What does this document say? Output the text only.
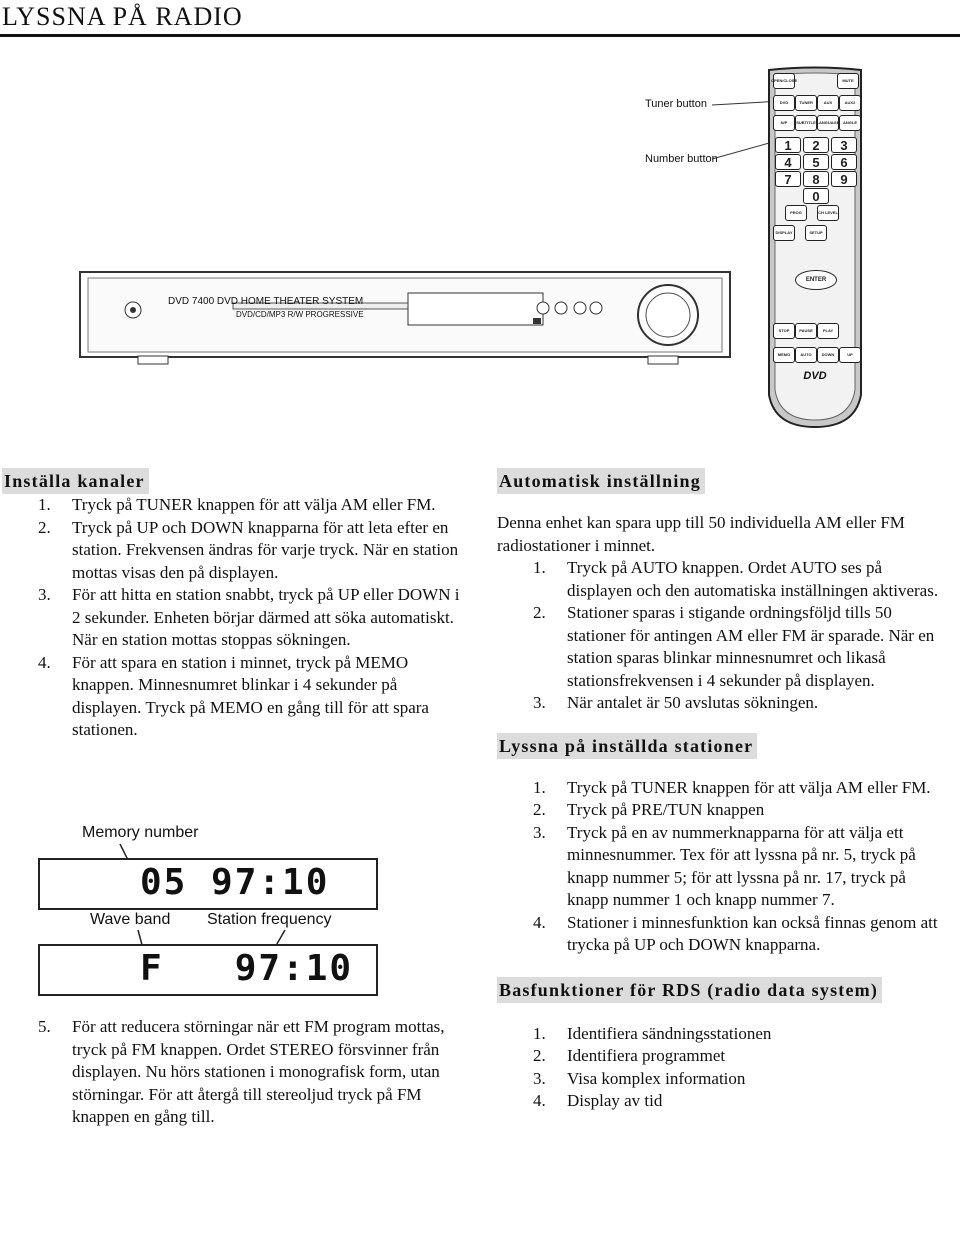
LYSSNA PÅ RADIO
DVD 7400 DVD HOME THEATER SYSTEM
DVD/CD/MP3 R/W PROGRESSIVE
Tuner button
Number button
OPEN/CLOSE	MUTE
DVD	TUNER	AUX	AUX2
N/P	SUBTITLE LANGUAGE ANGLE
1	2	3
4	5	6
7	8	9
0
PROG	CH LEVEL
DISPLAY	SETUP
ENTER
STOP	PAUSE	PLAY
MEMO	AUTO	DOWN	UP
DVD
Inställa kanaler
1. Tryck på TUNER knappen för att välja AM eller FM.
2. Tryck på UP och DOWN knapparna för att leta efter en station. Frekvensen ändras för varje tryck. När en station mottas visas den på displayen.
3. För att hitta en station snabbt, tryck på UP eller DOWN i 2 sekunder. Enheten börjar därmed att söka automatiskt. När en station mottas stoppas sökningen.
4. För att spara en station i minnet, tryck på MEMO knappen. Minnesnumret blinkar i 4 sekunder på displayen. Tryck på MEMO en gång till för att spara stationen.
Memory number
05 97:10
Wave band Station frequency
F   97:10
5. För att reducera störningar när ett FM program mottas, tryck på FM knappen. Ordet STEREO försvinner från displayen. Nu hörs stationen i monografisk form, utan störningar. För att återgå till stereoljud tryck på FM knappen en gång till.
Automatisk inställning
Denna enhet kan spara upp till 50 individuella AM eller FM radiostationer i minnet.
1. Tryck på AUTO knappen. Ordet AUTO ses på displayen och den automatiska inställningen aktiveras.
2. Stationer sparas i stigande ordningsföljd tills 50 stationer för antingen AM eller FM är sparade. När en station sparas blinkar minnesnumret och likaså stationsfrekvensen i 4 sekunder på displayen.
3. När antalet är 50 avslutas sökningen.
Lyssna på inställda stationer
1. Tryck på TUNER knappen för att välja AM eller FM.
2. Tryck på PRE/TUN knappen
3. Tryck på en av nummerknapparna för att välja ett minnesnummer. Tex för att lyssna på nr. 5, tryck på knapp nummer 5; för att lyssna på nr. 17, tryck på knapp nummer 1 och knapp nummer 7.
4. Stationer i minnesfunktion kan också finnas genom att trycka på UP och DOWN knapparna.
Basfunktioner för RDS (radio data system)
1. Identifiera sändningsstationen
2. Identifiera programmet
3. Visa komplex information
4. Display av tid
